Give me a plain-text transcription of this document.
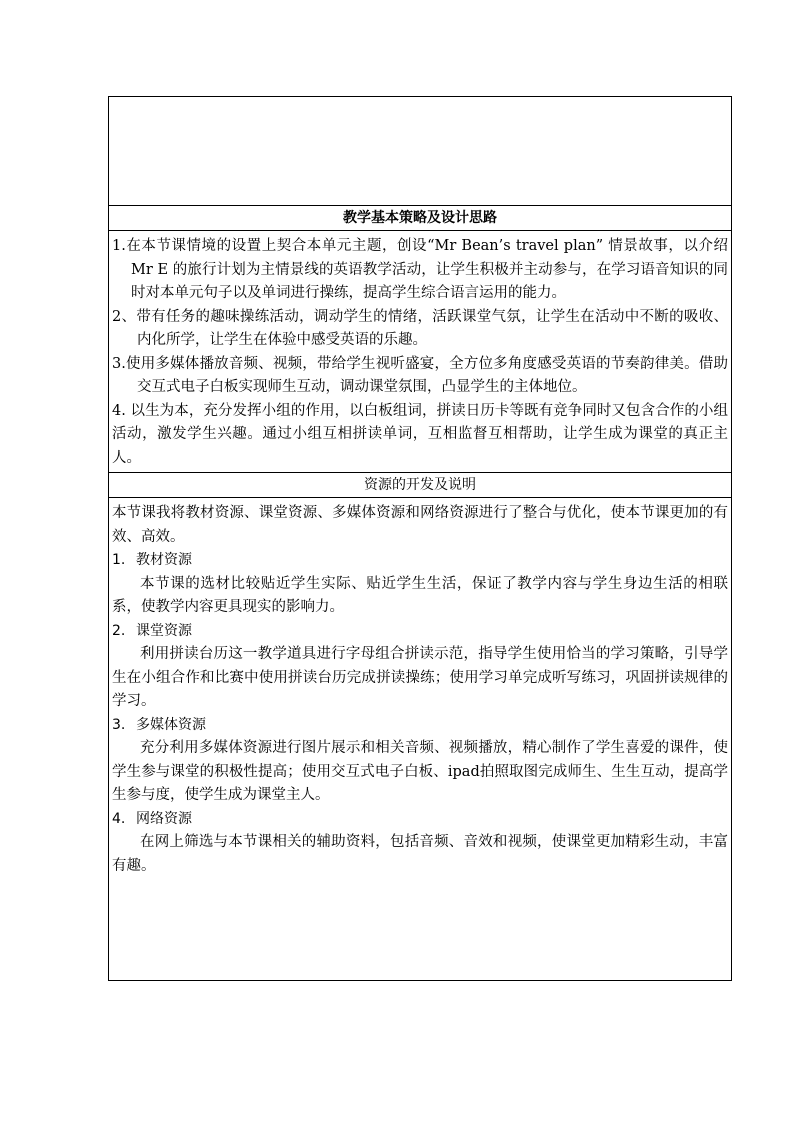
教学基本策略及设计思路

1.在本节课情境的设置上契合本单元主题，创设“Mr Bean’s travel plan” 情景故事，以介绍Mr E 的旅行计划为主情景线的英语教学活动，让学生积极并主动参与，在学习语音知识的同时对本单元句子以及单词进行操练，提高学生综合语言运用的能力。

2、带有任务的趣味操练活动，调动学生的情绪，活跃课堂气氛，让学生在活动中不断的吸收、内化所学，让学生在体验中感受英语的乐趣。

3.使用多媒体播放音频、视频，带给学生视听盛宴，全方位多角度感受英语的节奏韵律美。借助交互式电子白板实现师生互动，调动课堂氛围，凸显学生的主体地位。

4. 以生为本，充分发挥小组的作用，以白板组词，拼读日历卡等既有竞争同时又包含合作的小组活动，激发学生兴趣。通过小组互相拼读单词，互相监督互相帮助，让学生成为课堂的真正主人。

资源的开发及说明

本节课我将教材资源、课堂资源、多媒体资源和网络资源进行了整合与优化，使本节课更加的有效、高效。

1. 教材资源

本节课的选材比较贴近学生实际、贴近学生生活，保证了教学内容与学生身边生活的相联系，使教学内容更具现实的影响力。

2. 课堂资源

利用拼读台历这一教学道具进行字母组合拼读示范，指导学生使用恰当的学习策略，引导学生在小组合作和比赛中使用拼读台历完成拼读操练；使用学习单完成听写练习，巩固拼读规律的学习。

3. 多媒体资源

充分利用多媒体资源进行图片展示和相关音频、视频播放，精心制作了学生喜爱的课件，使学生参与课堂的积极性提高；使用交互式电子白板、ipad拍照取图完成师生、生生互动，提高学生参与度，使学生成为课堂主人。

4. 网络资源

在网上筛选与本节课相关的辅助资料，包括音频、音效和视频，使课堂更加精彩生动，丰富有趣。
